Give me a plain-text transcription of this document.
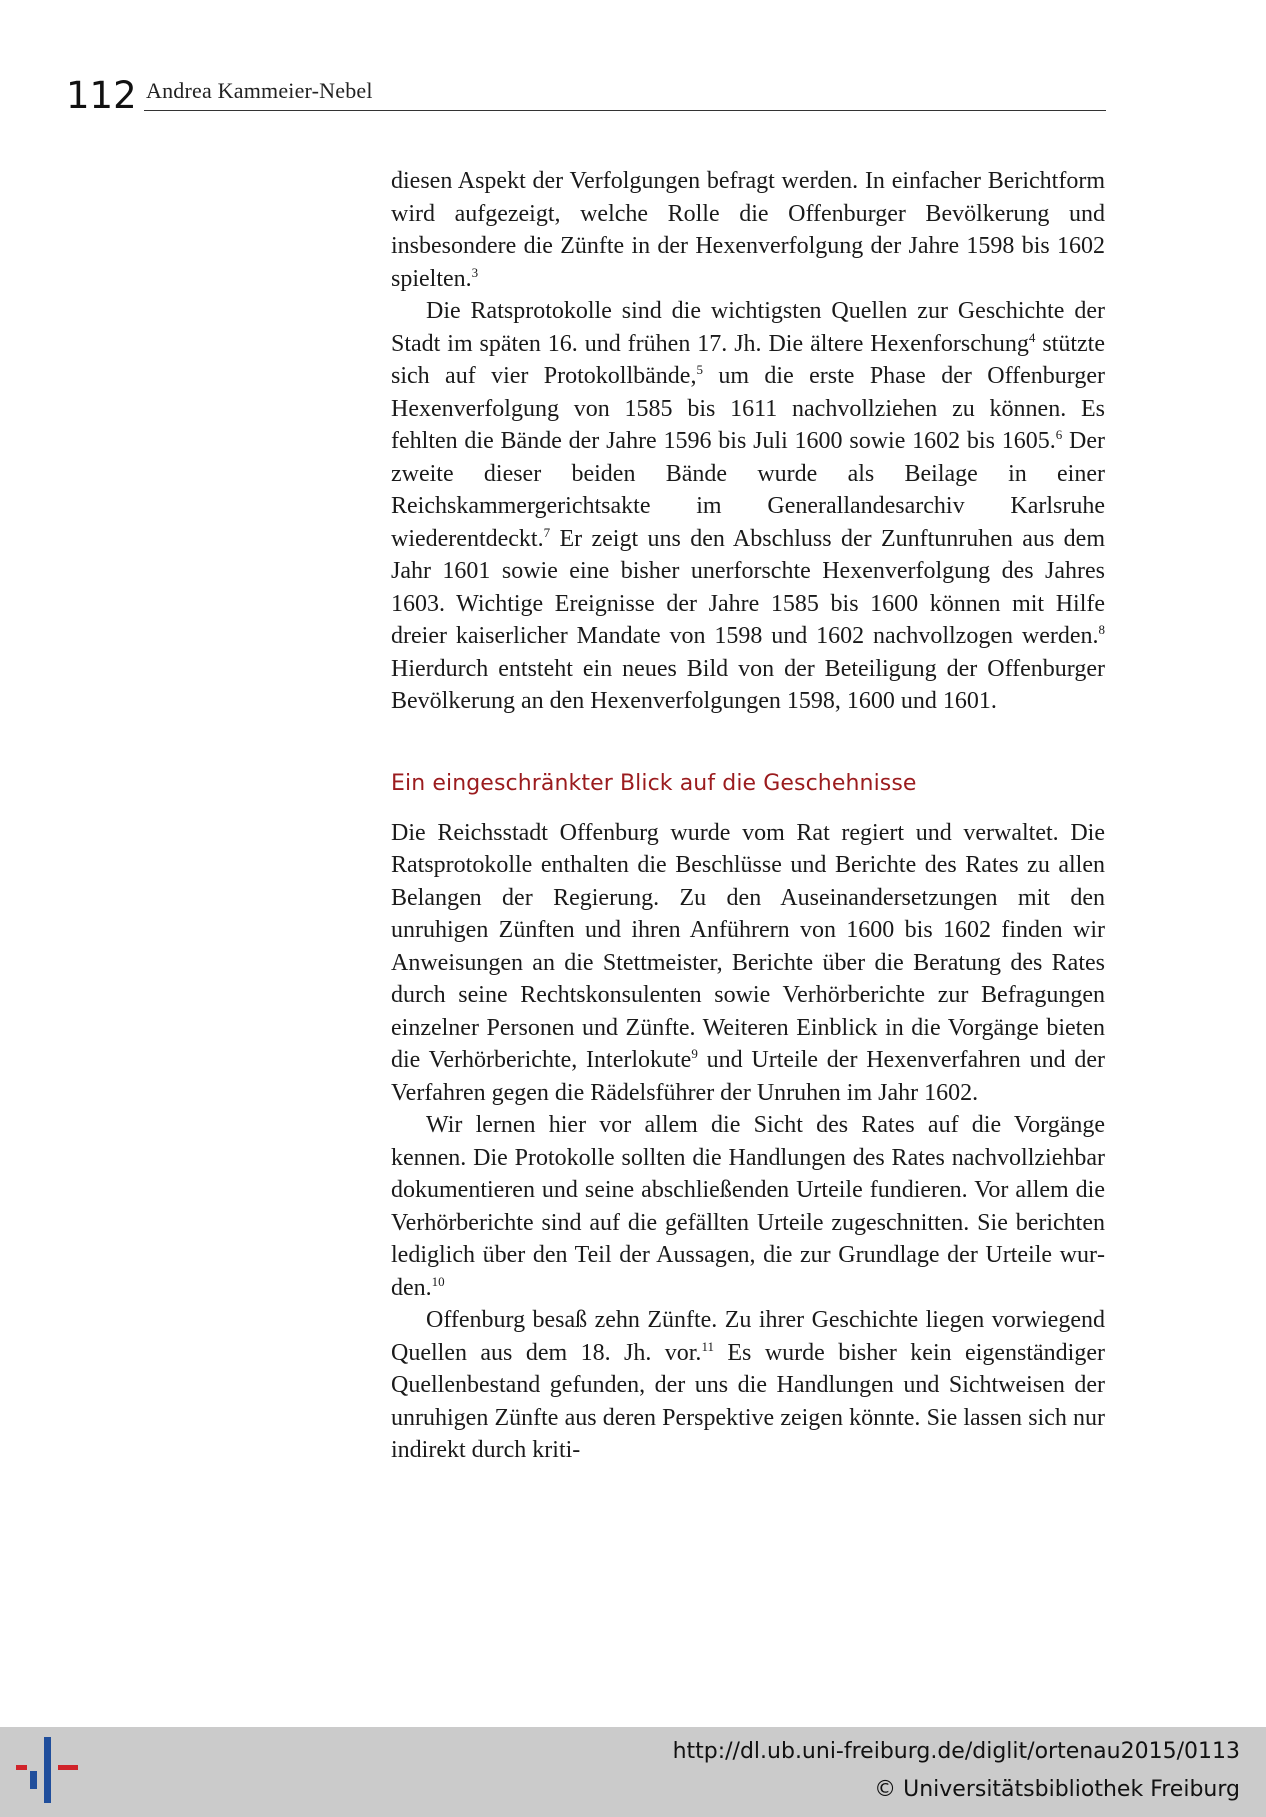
112 Andrea Kammeier-Nebel

diesen Aspekt der Verfolgungen befragt werden. In einfacher Berichtform wird aufgezeigt, welche Rolle die Offenburger Bevölkerung und insbesondere die Zünfte in der Hexenverfolgung der Jahre 1598 bis 1602 spielten.$^3$

Die Ratsprotokolle sind die wichtigsten Quellen zur Geschichte der Stadt im späten 16. und frühen 17. Jh. Die ältere Hexenforschung$^4$ stützte sich auf vier Protokollbände,$^5$ um die erste Phase der Offenburger Hexenverfolgung von 1585 bis 1611 nachvollziehen zu können. Es fehlten die Bände der Jahre 1596 bis Juli 1600 sowie 1602 bis 1605.$^6$ Der zweite dieser beiden Bände wurde als Beilage in einer Reichskammergerichtsakte im Generallandesarchiv Karlsruhe wiederentdeckt.$^7$ Er zeigt uns den Abschluss der Zunftunruhen aus dem Jahr 1601 sowie eine bisher unerforschte Hexenverfolgung des Jahres 1603. Wichtige Ereignisse der Jahre 1585 bis 1600 können mit Hilfe dreier kaiserlicher Mandate von 1598 und 1602 nachvollzogen werden.$^8$ Hierdurch entsteht ein neues Bild von der Beteiligung der Offenburger Bevölkerung an den Hexenverfolgungen 1598, 1600 und 1601.

Ein eingeschränkter Blick auf die Geschehnisse

Die Reichsstadt Offenburg wurde vom Rat regiert und verwaltet. Die Ratsprotokolle enthalten die Beschlüsse und Berichte des Rates zu allen Belangen der Regierung. Zu den Auseinandersetzungen mit den unruhigen Zünften und ihren Anführern von 1600 bis 1602 finden wir Anweisungen an die Stettmeister, Berichte über die Beratung des Rates durch seine Rechtskonsulenten sowie Verhörberichte zur Befragungen einzelner Personen und Zünfte. Weiteren Einblick in die Vorgänge bieten die Verhörberichte, Interlokute$^9$ und Urteile der Hexenverfahren und der Verfahren gegen die Rädelsführer der Unruhen im Jahr 1602.

Wir lernen hier vor allem die Sicht des Rates auf die Vorgänge kennen. Die Protokolle sollten die Handlungen des Rates nachvollziehbar dokumentieren und seine abschließenden Urteile fundieren. Vor allem die Verhörberichte sind auf die gefällten Urteile zugeschnitten. Sie berichten lediglich über den Teil der Aussagen, die zur Grundlage der Urteile wurden.$^{10}$

Offenburg besaß zehn Zünfte. Zu ihrer Geschichte liegen vorwiegend Quellen aus dem 18. Jh. vor.$^{11}$ Es wurde bisher kein eigenständiger Quellenbestand gefunden, der uns die Handlungen und Sichtweisen der unruhigen Zünfte aus deren Perspektive zeigen könnte. Sie lassen sich nur indirekt durch kriti-

http://dl.ub.uni-freiburg.de/diglit/ortenau2015/0113
© Universitätsbibliothek Freiburg
